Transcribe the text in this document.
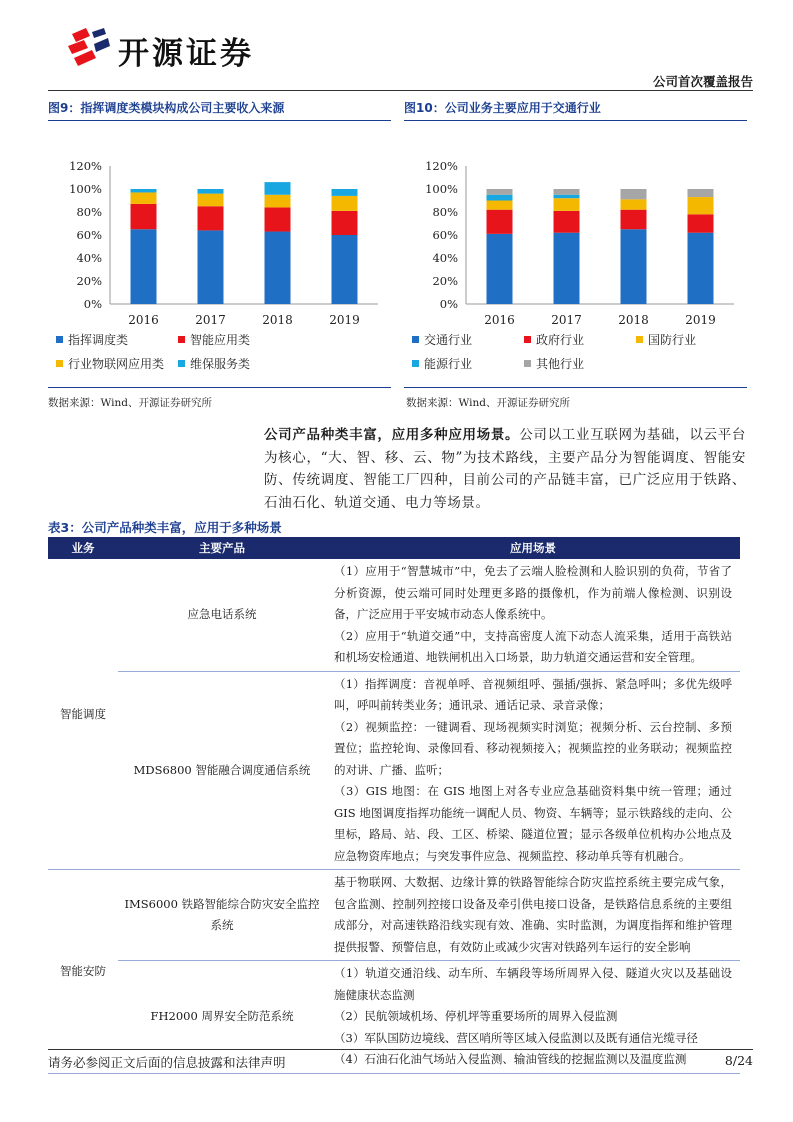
开源证券
公司首次覆盖报告
图9：指挥调度类模块构成公司主要收入来源	图10：公司业务主要应用于交通行业
0%
20%
40%
60%
80%
100%
120%
2016	2017	2018	2019
指挥调度类	智能应用类
行业物联网应用类 维保服务类
0%
20%
40%
60%
80%
100%
120%
2016	2017	2018	2019
交通行业	政府行业	国防行业
能源行业	其他行业
数据来源：Wind、开源证券研究所	数据来源：Wind、开源证券研究所
公司产品种类丰富，应用多种应用场景。公司以工业互联网为基础，以云平台为核心，“大、智、移、云、物”为技术路线，主要产品分为智能调度、智能安防、传统调度、智能工厂四种，目前公司的产品链丰富，已广泛应用于铁路、石油石化、轨道交通、电力等场景。
表3：公司产品种类丰富，应用于多种场景
业务	主要产品	应用场景
智能调度	应急电话系统	（1）应用于“智慧城市”中，免去了云端人脸检测和人脸识别的负荷，节省了分析资源，使云端可同时处理更多路的摄像机，作为前端人像检测、识别设备，广泛应用于平安城市动态人像系统中。

（2）应用于“轨道交通”中，支持高密度人流下动态人流采集，适用于高铁站和机场安检通道、地铁闸机出入口场景，助力轨道交通运营和安全管理。

	MDS6800 智能融合调度通信系统	（1）指挥调度：音视单呼、音视频组呼、强插/强拆、紧急呼叫；多优先级呼叫，呼叫前转类业务；通讯录、通话记录、录音录像；

（2）视频监控：一键调看、现场视频实时浏览；视频分析、云台控制、多预置位；监控轮询、录像回看、移动视频接入；视频监控的业务联动；视频监控的对讲、广播、监听；

（3）GIS 地图：在 GIS 地图上对各专业应急基础资料集中统一管理；通过 GIS 地图调度指挥功能统一调配人员、物资、车辆等；显示铁路线的走向、公里标，路局、站、段、工区、桥梁、隧道位置；显示各级单位机构办公地点及应急物资库地点；与突发事件应急、视频监控、移动单兵等有机融合。

智能安防	IMS6000 铁路智能综合防灾安全监控系统	基于物联网、大数据、边缘计算的铁路智能综合防灾监控系统主要完成气象，包含监测、控制列控接口设备及牵引供电接口设备，是铁路信息系统的主要组成部分，对高速铁路沿线实现有效、准确、实时监测，为调度指挥和维护管理提供报警、预警信息，有效防止或减少灾害对铁路列车运行的安全影响

	FH2000 周界安全防范系统	（1）轨道交通沿线、动车所、车辆段等场所周界入侵、隧道火灾以及基础设施健康状态监测

（2）民航领域机场、停机坪等重要场所的周界入侵监测

（3）军队国防边境线、营区哨所等区域入侵监测以及既有通信光缆寻径

（4）石油石化油气场站入侵监测、输油管线的挖掘监测以及温度监测

请务必参阅正文后面的信息披露和法律声明	8/24
